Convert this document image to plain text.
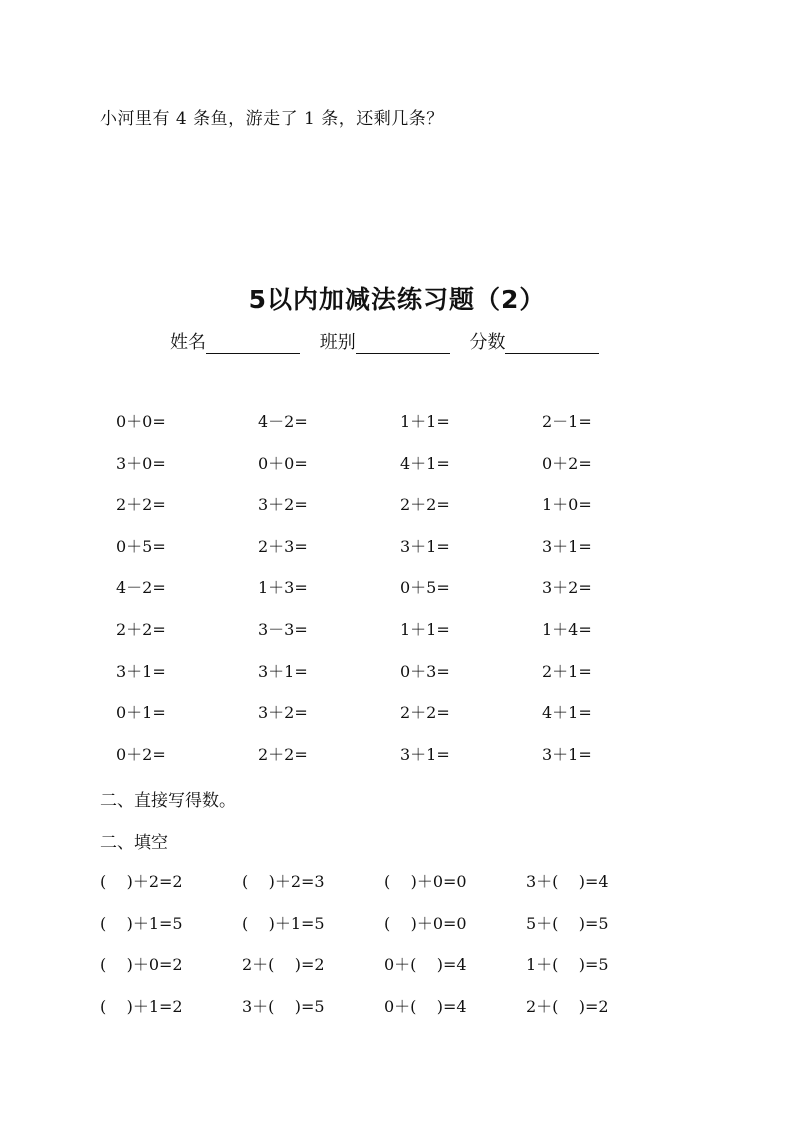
小河里有 4 条鱼，游走了 1 条，还剩几条？
5以内加减法练习题（2）
姓名	班别	分数
0＋0=	4－2=	1＋1=	2－1=
3＋0=	0＋0=	4＋1=	0＋2=
2＋2=	3＋2=	2＋2=	1＋0=
0＋5=	2＋3=	3＋1=	3＋1=
4－2=	1＋3=	0＋5=	3＋2=
2＋2=	3－3=	1＋1=	1＋4=
3＋1=	3＋1=	0＋3=	2＋1=
0＋1=	3＋2=	2＋2=	4＋1=
0＋2=	2＋2=	3＋1=	3＋1=
二、直接写得数。
二、填空
(    )＋2=2	(    )＋2=3	(    )＋0=0	3＋(    )=4
(    )＋1=5	(    )＋1=5	(    )＋0=0	5＋(    )=5
(    )＋0=2	2＋(    )=2	0＋(    )=4	1＋(    )=5
(    )＋1=2	3＋(    )=5	0＋(    )=4	2＋(    )=2
